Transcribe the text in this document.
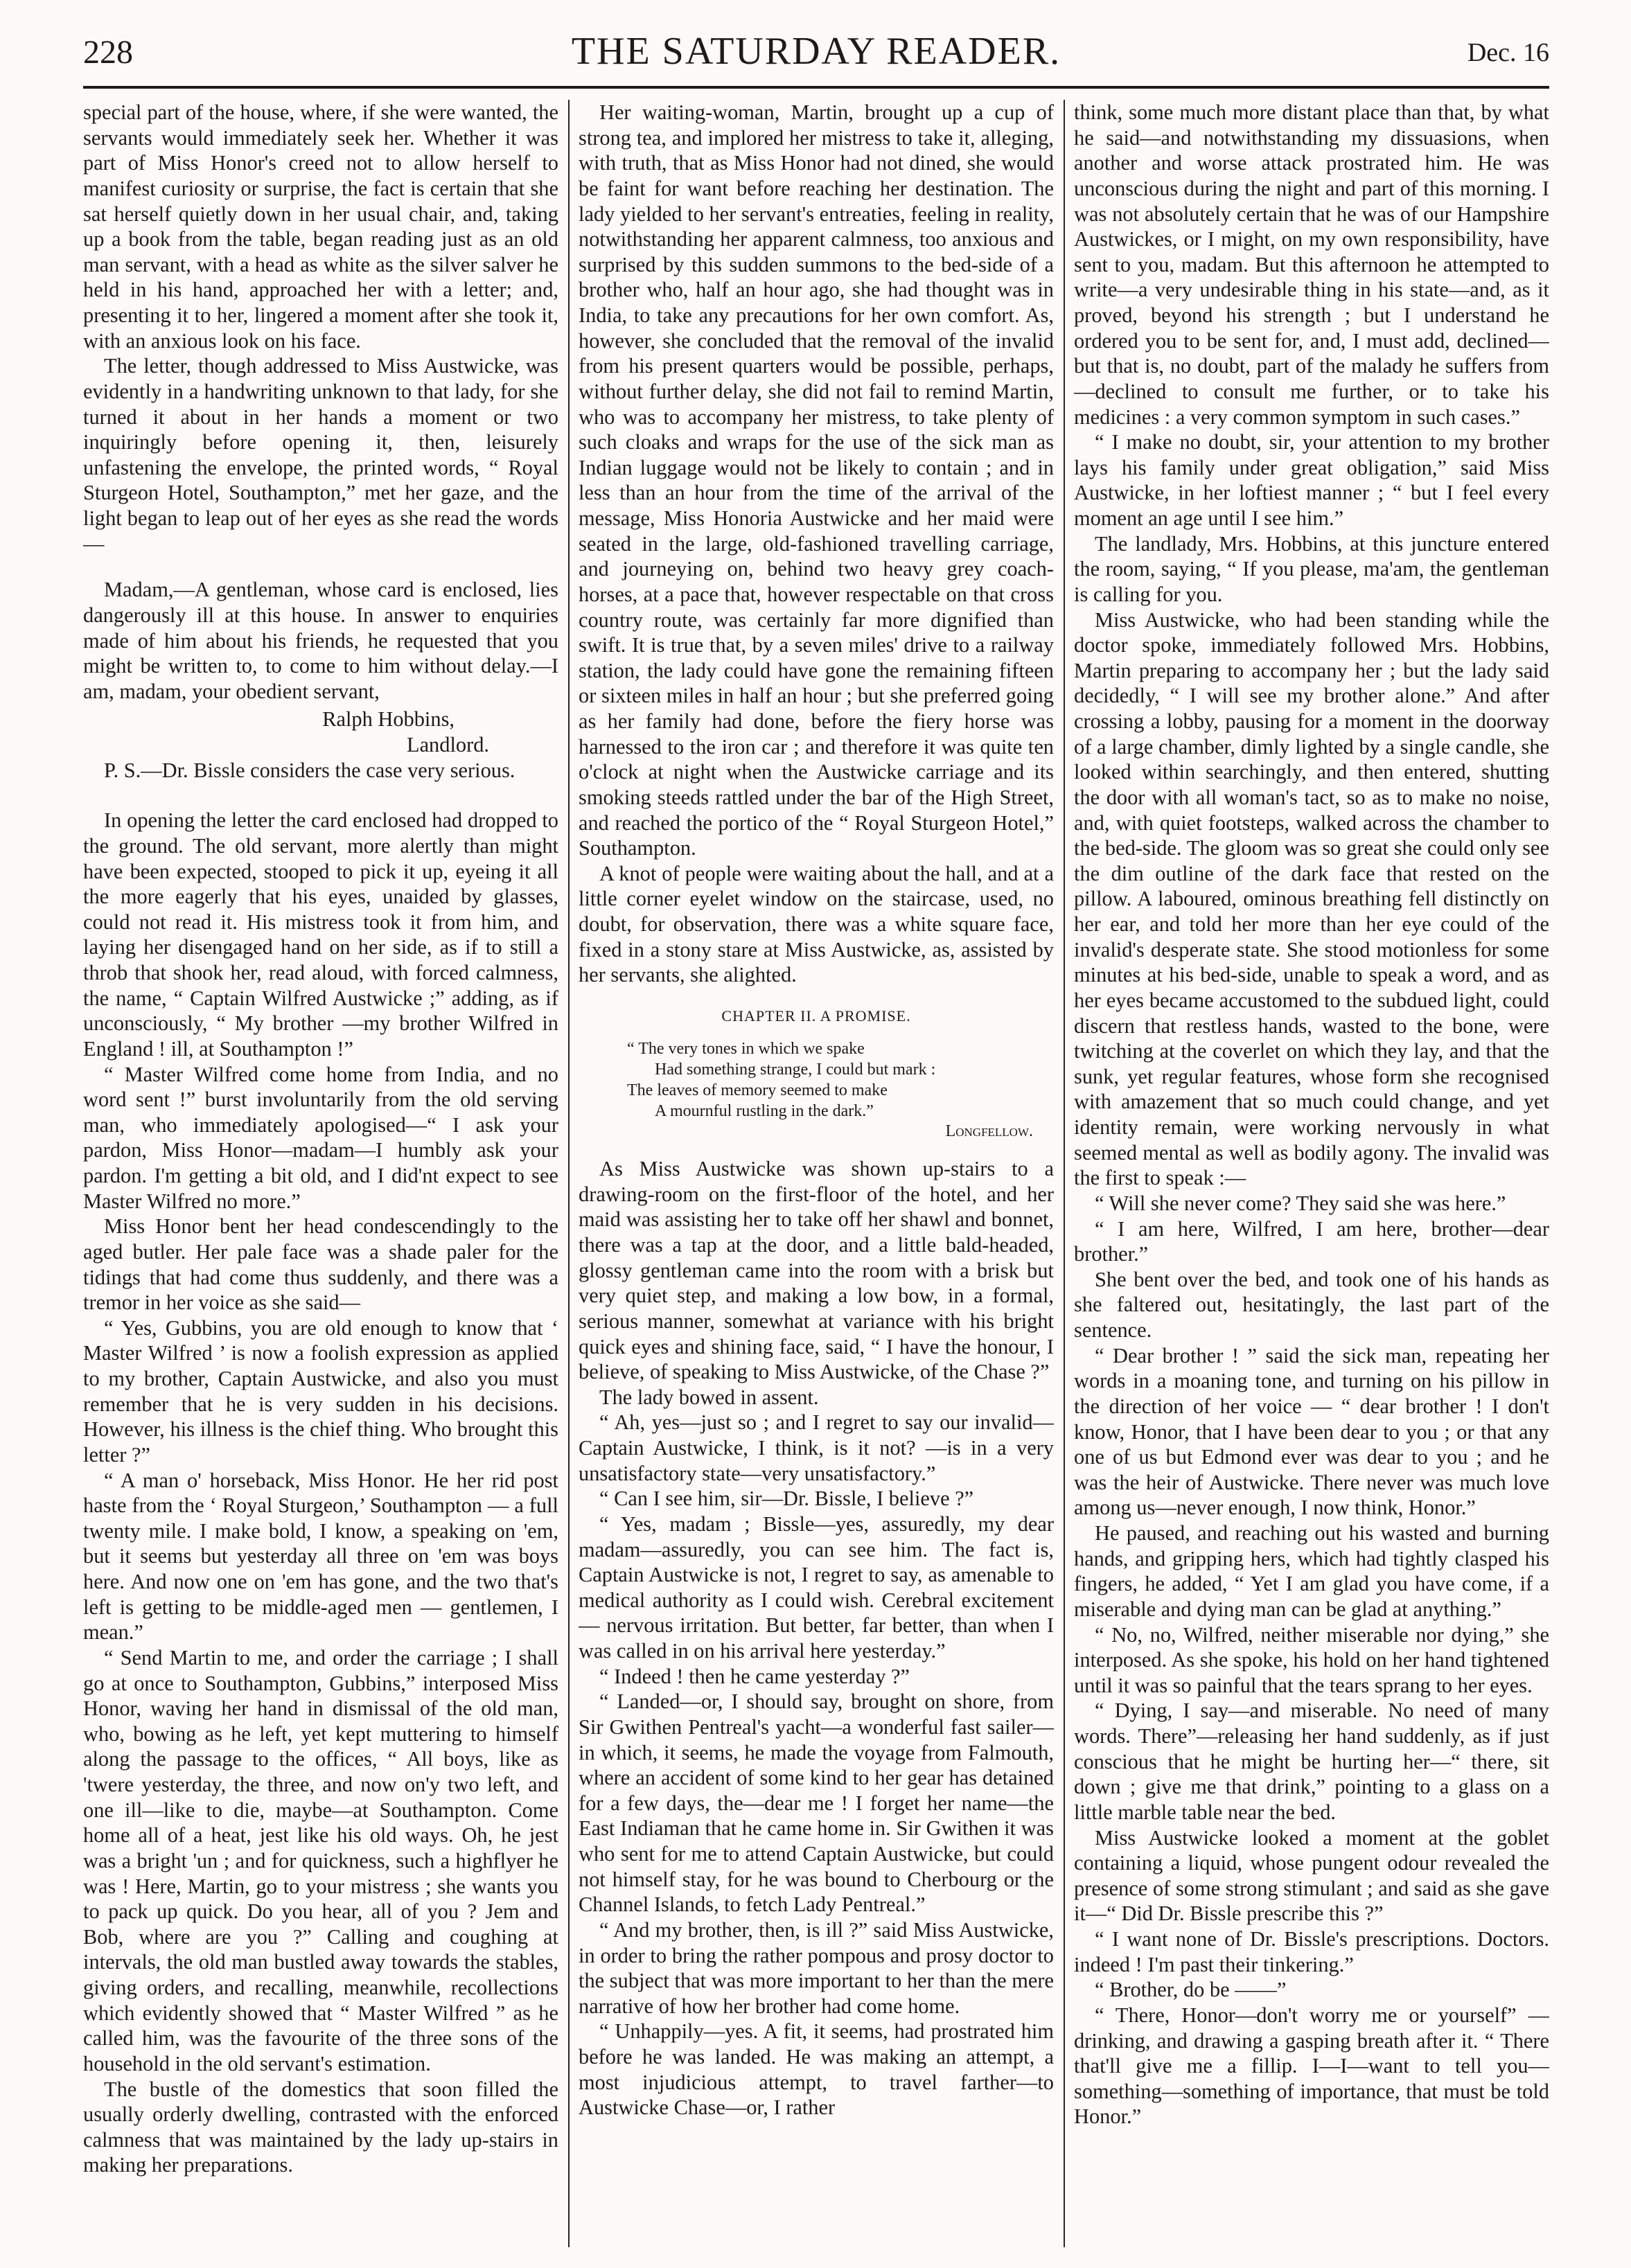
228	THE SATURDAY READER.	Dec. 16

special part of the house, where, if she were wanted, the servants would immediately seek her. Whether it was part of Miss Honor's creed not to allow herself to manifest curiosity or surprise, the fact is certain that she sat herself quietly down in her usual chair, and, taking up a book from the table, began reading just as an old man servant, with a head as white as the silver salver he held in his hand, approached her with a letter; and, presenting it to her, lingered a moment after she took it, with an anxious look on his face.

The letter, though addressed to Miss Austwicke, was evidently in a handwriting unknown to that lady, for she turned it about in her hands a moment or two inquiringly before opening it, then, leisurely unfastening the envelope, the printed words, “ Royal Sturgeon Hotel, Southampton,” met her gaze, and the light began to leap out of her eyes as she read the words—

Madam,—A gentleman, whose card is enclosed, lies dangerously ill at this house. In answer to enquiries made of him about his friends, he requested that you might be written to, to come to him without delay.—I am, madam, your obedient servant,

Ralph Hobbins,

Landlord.

P. S.—Dr. Bissle considers the case very serious.

In opening the letter the card enclosed had dropped to the ground. The old servant, more alertly than might have been expected, stooped to pick it up, eyeing it all the more eagerly that his eyes, unaided by glasses, could not read it. His mistress took it from him, and laying her disengaged hand on her side, as if to still a throb that shook her, read aloud, with forced calmness, the name, “ Captain Wilfred Austwicke ;” adding, as if unconsciously, “ My brother —my brother Wilfred in England ! ill, at Southampton !”

“ Master Wilfred come home from India, and no word sent !” burst involuntarily from the old serving man, who immediately apologised—“ I ask your pardon, Miss Honor—madam—I humbly ask your pardon. I'm getting a bit old, and I did'nt expect to see Master Wilfred no more.”

Miss Honor bent her head condescendingly to the aged butler. Her pale face was a shade paler for the tidings that had come thus suddenly, and there was a tremor in her voice as she said—

“ Yes, Gubbins, you are old enough to know that ‘ Master Wilfred ’ is now a foolish expression as applied to my brother, Captain Austwicke, and also you must remember that he is very sudden in his decisions. However, his illness is the chief thing. Who brought this letter ?”

“ A man o' horseback, Miss Honor. He her rid post haste from the ‘ Royal Sturgeon,’ Southampton — a full twenty mile. I make bold, I know, a speaking on 'em, but it seems but yesterday all three on 'em was boys here. And now one on 'em has gone, and the two that's left is getting to be middle-aged men — gentlemen, I mean.”

“ Send Martin to me, and order the carriage ; I shall go at once to Southampton, Gubbins,” interposed Miss Honor, waving her hand in dismissal of the old man, who, bowing as he left, yet kept muttering to himself along the passage to the offices, “ All boys, like as 'twere yesterday, the three, and now on'y two left, and one ill—like to die, maybe—at Southampton. Come home all of a heat, jest like his old ways. Oh, he jest was a bright 'un ; and for quickness, such a highflyer he was ! Here, Martin, go to your mistress ; she wants you to pack up quick. Do you hear, all of you ? Jem and Bob, where are you ?” Calling and coughing at intervals, the old man bustled away towards the stables, giving orders, and recalling, meanwhile, recollections which evidently showed that “ Master Wilfred ” as he called him, was the favourite of the three sons of the household in the old servant's estimation.

The bustle of the domestics that soon filled the usually orderly dwelling, contrasted with the enforced calmness that was maintained by the lady up-stairs in making her preparations.

Her waiting-woman, Martin, brought up a cup of strong tea, and implored her mistress to take it, alleging, with truth, that as Miss Honor had not dined, she would be faint for want before reaching her destination. The lady yielded to her servant's entreaties, feeling in reality, notwithstanding her apparent calmness, too anxious and surprised by this sudden summons to the bed-side of a brother who, half an hour ago, she had thought was in India, to take any precautions for her own comfort. As, however, she concluded that the removal of the invalid from his present quarters would be possible, perhaps, without further delay, she did not fail to remind Martin, who was to accompany her mistress, to take plenty of such cloaks and wraps for the use of the sick man as Indian luggage would not be likely to contain ; and in less than an hour from the time of the arrival of the message, Miss Honoria Austwicke and her maid were seated in the large, old-fashioned travelling carriage, and journeying on, behind two heavy grey coach-horses, at a pace that, however respectable on that cross country route, was certainly far more dignified than swift. It is true that, by a seven miles' drive to a railway station, the lady could have gone the remaining fifteen or sixteen miles in half an hour ; but she preferred going as her family had done, before the fiery horse was harnessed to the iron car ; and therefore it was quite ten o'clock at night when the Austwicke carriage and its smoking steeds rattled under the bar of the High Street, and reached the portico of the “ Royal Sturgeon Hotel,” Southampton.

A knot of people were waiting about the hall, and at a little corner eyelet window on the staircase, used, no doubt, for observation, there was a white square face, fixed in a stony stare at Miss Austwicke, as, assisted by her servants, she alighted.

CHAPTER II. A PROMISE.

“ The very tones in which we spake
Had something strange, I could but mark :
The leaves of memory seemed to make
A mournful rustling in the dark.”
Longfellow.

As Miss Austwicke was shown up-stairs to a drawing-room on the first-floor of the hotel, and her maid was assisting her to take off her shawl and bonnet, there was a tap at the door, and a little bald-headed, glossy gentleman came into the room with a brisk but very quiet step, and making a low bow, in a formal, serious manner, somewhat at variance with his bright quick eyes and shining face, said, “ I have the honour, I believe, of speaking to Miss Austwicke, of the Chase ?”

The lady bowed in assent.

“ Ah, yes—just so ; and I regret to say our invalid—Captain Austwicke, I think, is it not? —is in a very unsatisfactory state—very unsatisfactory.”

“ Can I see him, sir—Dr. Bissle, I believe ?”

“ Yes, madam ; Bissle—yes, assuredly, my dear madam—assuredly, you can see him. The fact is, Captain Austwicke is not, I regret to say, as amenable to medical authority as I could wish. Cerebral excitement — nervous irritation. But better, far better, than when I was called in on his arrival here yesterday.”

“ Indeed ! then he came yesterday ?”

“ Landed—or, I should say, brought on shore, from Sir Gwithen Pentreal's yacht—a wonderful fast sailer—in which, it seems, he made the voyage from Falmouth, where an accident of some kind to her gear has detained for a few days, the—dear me ! I forget her name—the East Indiaman that he came home in. Sir Gwithen it was who sent for me to attend Captain Austwicke, but could not himself stay, for he was bound to Cherbourg or the Channel Islands, to fetch Lady Pentreal.”

“ And my brother, then, is ill ?” said Miss Austwicke, in order to bring the rather pompous and prosy doctor to the subject that was more important to her than the mere narrative of how her brother had come home.

“ Unhappily—yes. A fit, it seems, had prostrated him before he was landed. He was making an attempt, a most injudicious attempt, to travel farther—to Austwicke Chase—or, I rather

think, some much more distant place than that, by what he said—and notwithstanding my dissuasions, when another and worse attack prostrated him. He was unconscious during the night and part of this morning. I was not absolutely certain that he was of our Hampshire Austwickes, or I might, on my own responsibility, have sent to you, madam. But this afternoon he attempted to write—a very undesirable thing in his state—and, as it proved, beyond his strength ; but I understand he ordered you to be sent for, and, I must add, declined—but that is, no doubt, part of the malady he suffers from—declined to consult me further, or to take his medicines : a very common symptom in such cases.”

“ I make no doubt, sir, your attention to my brother lays his family under great obligation,” said Miss Austwicke, in her loftiest manner ; “ but I feel every moment an age until I see him.”

The landlady, Mrs. Hobbins, at this juncture entered the room, saying, “ If you please, ma'am, the gentleman is calling for you.

Miss Austwicke, who had been standing while the doctor spoke, immediately followed Mrs. Hobbins, Martin preparing to accompany her ; but the lady said decidedly, “ I will see my brother alone.” And after crossing a lobby, pausing for a moment in the doorway of a large chamber, dimly lighted by a single candle, she looked within searchingly, and then entered, shutting the door with all woman's tact, so as to make no noise, and, with quiet footsteps, walked across the chamber to the bed-side. The gloom was so great she could only see the dim outline of the dark face that rested on the pillow. A laboured, ominous breathing fell distinctly on her ear, and told her more than her eye could of the invalid's desperate state. She stood motionless for some minutes at his bed-side, unable to speak a word, and as her eyes became accustomed to the subdued light, could discern that restless hands, wasted to the bone, were twitching at the coverlet on which they lay, and that the sunk, yet regular features, whose form she recognised with amazement that so much could change, and yet identity remain, were working nervously in what seemed mental as well as bodily agony. The invalid was the first to speak :—

“ Will she never come? They said she was here.”

“ I am here, Wilfred, I am here, brother—dear brother.”

She bent over the bed, and took one of his hands as she faltered out, hesitatingly, the last part of the sentence.

“ Dear brother ! ” said the sick man, repeating her words in a moaning tone, and turning on his pillow in the direction of her voice — “ dear brother ! I don't know, Honor, that I have been dear to you ; or that any one of us but Edmond ever was dear to you ; and he was the heir of Austwicke. There never was much love among us—never enough, I now think, Honor.”

He paused, and reaching out his wasted and burning hands, and gripping hers, which had tightly clasped his fingers, he added, “ Yet I am glad you have come, if a miserable and dying man can be glad at anything.”

“ No, no, Wilfred, neither miserable nor dying,” she interposed. As she spoke, his hold on her hand tightened until it was so painful that the tears sprang to her eyes.

“ Dying, I say—and miserable. No need of many words. There”—releasing her hand suddenly, as if just conscious that he might be hurting her—“ there, sit down ; give me that drink,” pointing to a glass on a little marble table near the bed.

Miss Austwicke looked a moment at the goblet containing a liquid, whose pungent odour revealed the presence of some strong stimulant ; and said as she gave it—“ Did Dr. Bissle prescribe this ?”

“ I want none of Dr. Bissle's prescriptions. Doctors. indeed ! I'm past their tinkering.”

“ Brother, do be ——”

“ There, Honor—don't worry me or yourself” —drinking, and drawing a gasping breath after it. “ There that'll give me a fillip. I—I—want to tell you—something—something of importance, that must be told Honor.”
